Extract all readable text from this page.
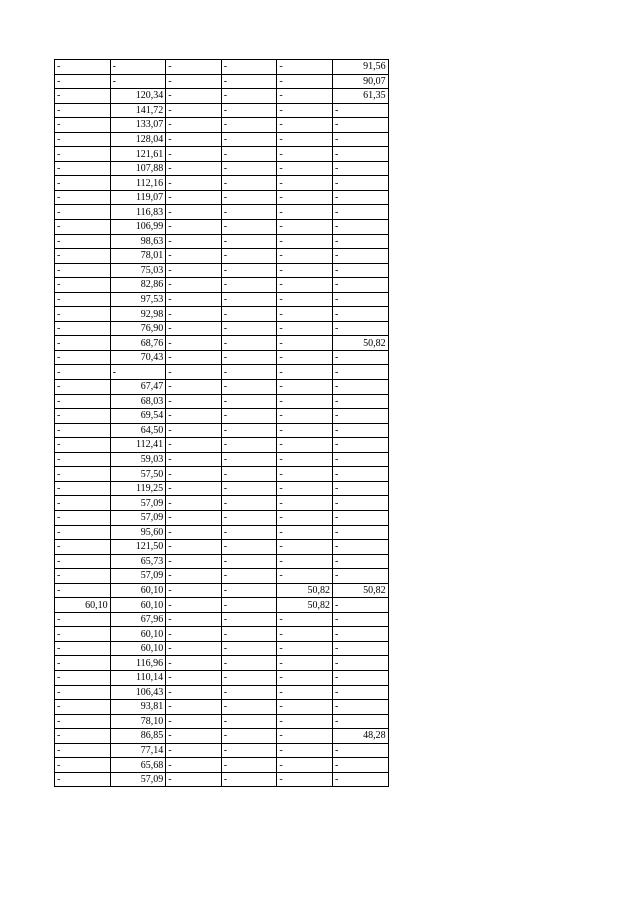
-	-	-	-	-	91,56
-	-	-	-	-	90,07
-	120,34	-	-	-	61,35
-	141,72	-	-	-	-
-	133,07	-	-	-	-
-	128,04	-	-	-	-
-	121,61	-	-	-	-
-	107,88	-	-	-	-
-	112,16	-	-	-	-
-	119,07	-	-	-	-
-	116,83	-	-	-	-
-	106,99	-	-	-	-
-	98,63	-	-	-	-
-	78,01	-	-	-	-
-	75,03	-	-	-	-
-	82,86	-	-	-	-
-	97,53	-	-	-	-
-	92,98	-	-	-	-
-	76,90	-	-	-	-
-	68,76	-	-	-	50,82
-	70,43	-	-	-	-
-	-	-	-	-	-
-	67,47	-	-	-	-
-	68,03	-	-	-	-
-	69,54	-	-	-	-
-	64,50	-	-	-	-
-	112,41	-	-	-	-
-	59,03	-	-	-	-
-	57,50	-	-	-	-
-	119,25	-	-	-	-
-	57,09	-	-	-	-
-	57,09	-	-	-	-
-	95,60	-	-	-	-
-	121,50	-	-	-	-
-	65,73	-	-	-	-
-	57,09	-	-	-	-
-	60,10	-	-	50,82	50,82
60,10	60,10	-	-	50,82	-
-	67,96	-	-	-	-
-	60,10	-	-	-	-
-	60,10	-	-	-	-
-	116,96	-	-	-	-
-	110,14	-	-	-	-
-	106,43	-	-	-	-
-	93,81	-	-	-	-
-	78,10	-	-	-	-
-	86,85	-	-	-	48,28
-	77,14	-	-	-	-
-	65,68	-	-	-	-
-	57,09	-	-	-	-
